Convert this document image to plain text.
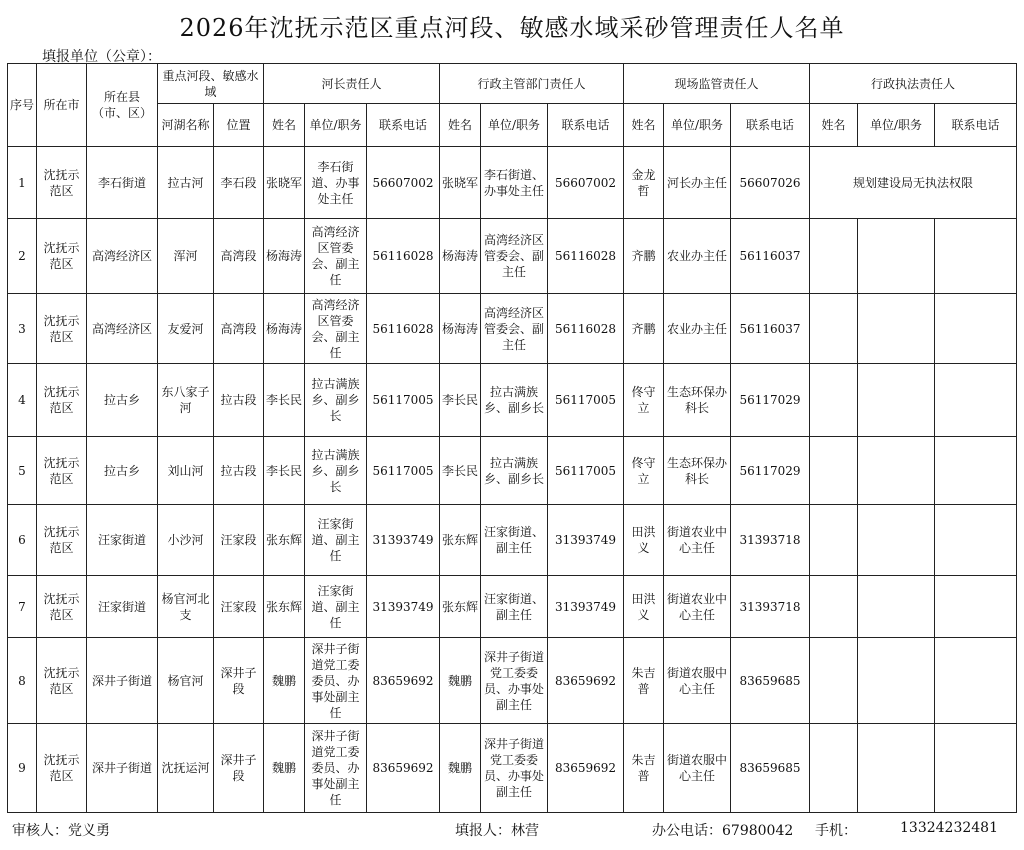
2026年沈抚示范区重点河段、敏感水域采砂管理责任人名单
填报单位（公章）：
序号	所在市	所在县（市、区）	重点河段、敏感水域		河长责任人			行政主管部门责任人			现场监管责任人			行政执法责任人		
			河湖名称	位置	姓名	单位/职务	联系电话	姓名	单位/职务	联系电话	姓名	单位/职务	联系电话	姓名	单位/职务	联系电话
1	沈抚示范区	李石街道	拉古河	李石段	张晓军	李石街道、办事处主任	56607002	张晓军	李石街道、办事处主任	56607002	金龙哲	河长办主任	56607026	规划建设局无执法权限		
2	沈抚示范区	高湾经济区	浑河	高湾段	杨海涛	高湾经济区管委会、副主任	56116028	杨海涛	高湾经济区管委会、副主任	56116028	齐鹏	农业办主任	56116037			
3	沈抚示范区	高湾经济区	友爱河	高湾段	杨海涛	高湾经济区管委会、副主任	56116028	杨海涛	高湾经济区管委会、副主任	56116028	齐鹏	农业办主任	56116037			
4	沈抚示范区	拉古乡	东八家子河	拉古段	李长民	拉古满族乡、副乡长	56117005	李长民	拉古满族乡、副乡长	56117005	佟守立	生态环保办科长	56117029			
5	沈抚示范区	拉古乡	刘山河	拉古段	李长民	拉古满族乡、副乡长	56117005	李长民	拉古满族乡、副乡长	56117005	佟守立	生态环保办科长	56117029			
6	沈抚示范区	汪家街道	小沙河	汪家段	张东辉	汪家街道、副主任	31393749	张东辉	汪家街道、副主任	31393749	田洪义	街道农业中心主任	31393718			
7	沈抚示范区	汪家街道	杨官河北支	汪家段	张东辉	汪家街道、副主任	31393749	张东辉	汪家街道、副主任	31393749	田洪义	街道农业中心主任	31393718			
8	沈抚示范区	深井子街道	杨官河	深井子段	魏鹏	深井子街道党工委委员、办事处副主任	83659692	魏鹏	深井子街道党工委委员、办事处副主任	83659692	朱吉普	街道农服中心主任	83659685			
9	沈抚示范区	深井子街道	沈抚运河	深井子段	魏鹏	深井子街道党工委委员、办事处副主任	83659692	魏鹏	深井子街道党工委委员、办事处副主任	83659692	朱吉普	街道农服中心主任	83659685			
审核人：党义勇	填报人：林营	办公电话：67980042 手机：	13324232481
